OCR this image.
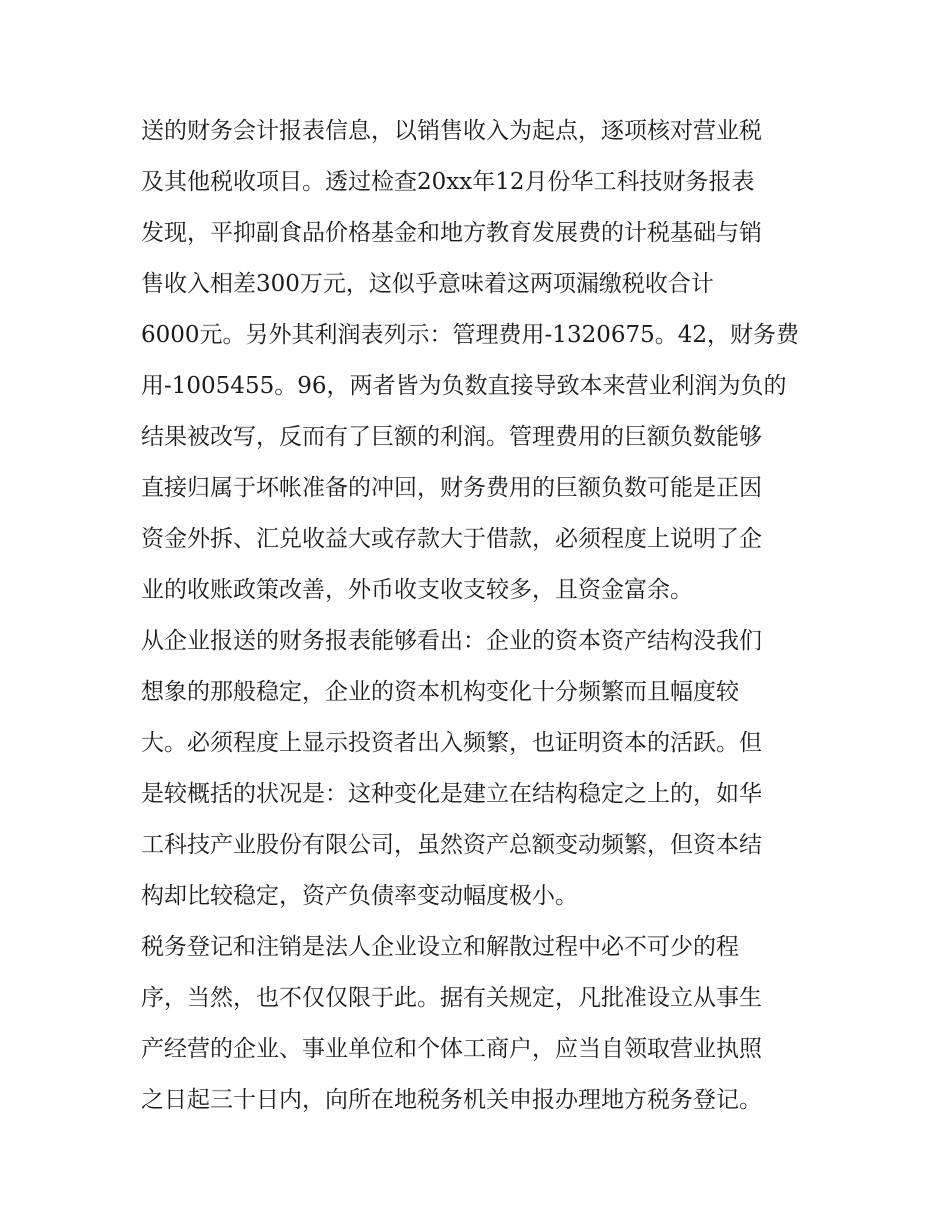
送的财务会计报表信息，以销售收入为起点，逐项核对营业税
及其他税收项目。透过检查20xx年12月份华工科技财务报表
发现，平抑副食品价格基金和地方教育发展费的计税基础与销
售收入相差300万元，这似乎意味着这两项漏缴税收合计
6000元。另外其利润表列示：管理费用-1320675。42，财务费
用-1005455。96，两者皆为负数直接导致本来营业利润为负的
结果被改写，反而有了巨额的利润。管理费用的巨额负数能够
直接归属于坏帐准备的冲回，财务费用的巨额负数可能是正因
资金外拆、汇兑收益大或存款大于借款，必须程度上说明了企
业的收账政策改善，外币收支收支较多，且资金富余。
从企业报送的财务报表能够看出：企业的资本资产结构没我们
想象的那般稳定，企业的资本机构变化十分频繁而且幅度较
大。必须程度上显示投资者出入频繁，也证明资本的活跃。但
是较概括的状况是：这种变化是建立在结构稳定之上的，如华
工科技产业股份有限公司，虽然资产总额变动频繁，但资本结
构却比较稳定，资产负债率变动幅度极小。
税务登记和注销是法人企业设立和解散过程中必不可少的程
序，当然，也不仅仅限于此。据有关规定，凡批准设立从事生
产经营的企业、事业单位和个体工商户，应当自领取营业执照
之日起三十日内，向所在地税务机关申报办理地方税务登记。
